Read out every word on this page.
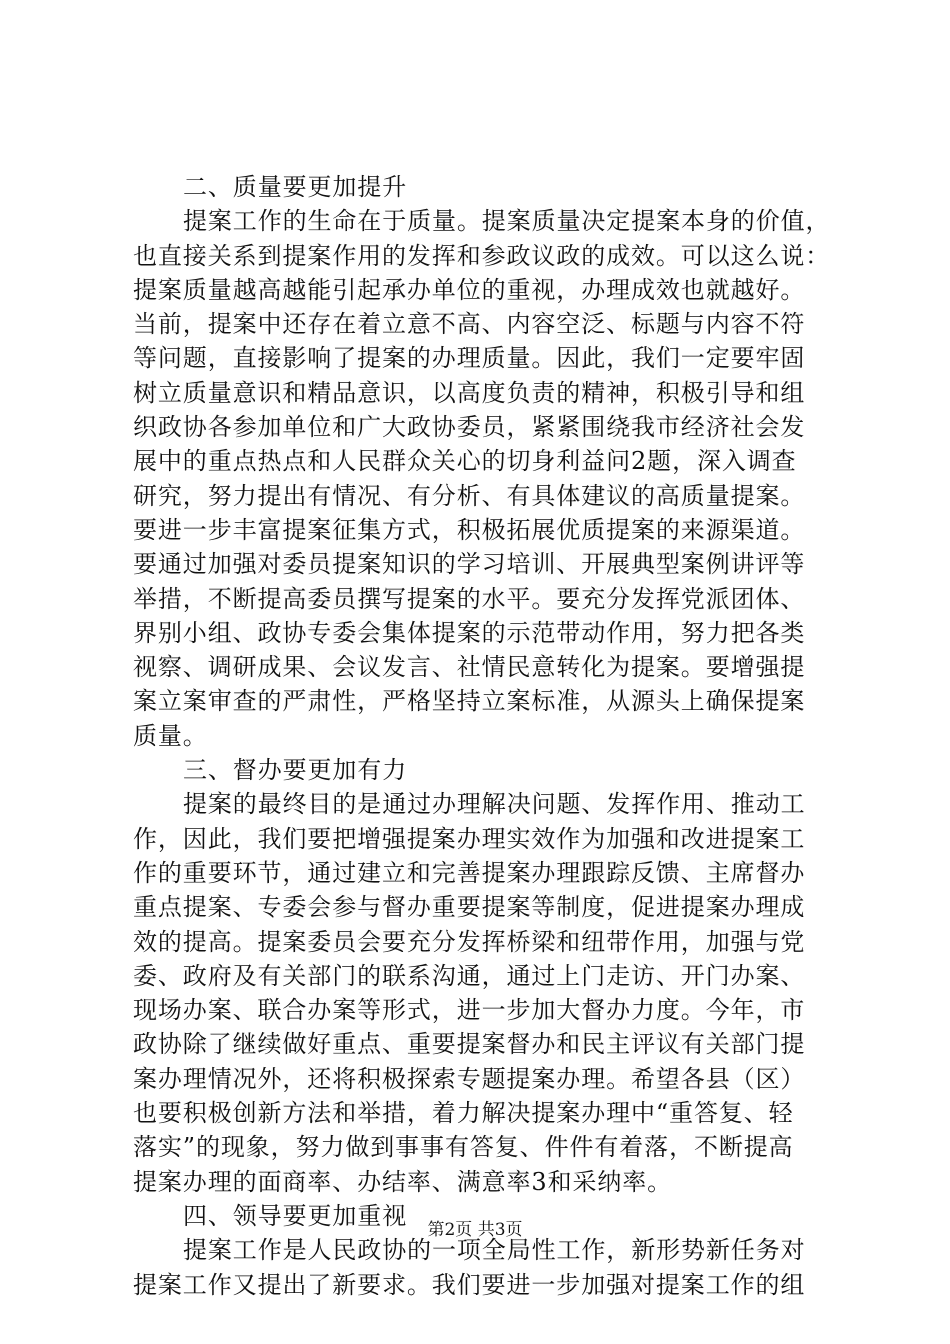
二、质量要更加提升
提案工作的生命在于质量。提案质量决定提案本身的价值，
也直接关系到提案作用的发挥和参政议政的成效。可以这么说：
提案质量越高越能引起承办单位的重视，办理成效也就越好。
当前，提案中还存在着立意不高、内容空泛、标题与内容不符
等问题，直接影响了提案的办理质量。因此，我们一定要牢固
树立质量意识和精品意识，以高度负责的精神，积极引导和组
织政协各参加单位和广大政协委员，紧紧围绕我市经济社会发
展中的重点热点和人民群众关心的切身利益问2题，深入调查
研究，努力提出有情况、有分析、有具体建议的高质量提案。
要进一步丰富提案征集方式，积极拓展优质提案的来源渠道。
要通过加强对委员提案知识的学习培训、开展典型案例讲评等
举措，不断提高委员撰写提案的水平。要充分发挥党派团体、
界别小组、政协专委会集体提案的示范带动作用，努力把各类
视察、调研成果、会议发言、社情民意转化为提案。要增强提
案立案审查的严肃性，严格坚持立案标准，从源头上确保提案
质量。
三、督办要更加有力
提案的最终目的是通过办理解决问题、发挥作用、推动工
作，因此，我们要把增强提案办理实效作为加强和改进提案工
作的重要环节，通过建立和完善提案办理跟踪反馈、主席督办
重点提案、专委会参与督办重要提案等制度，促进提案办理成
效的提高。提案委员会要充分发挥桥梁和纽带作用，加强与党
委、政府及有关部门的联系沟通，通过上门走访、开门办案、
现场办案、联合办案等形式，进一步加大督办力度。今年，市
政协除了继续做好重点、重要提案督办和民主评议有关部门提
案办理情况外，还将积极探索专题提案办理。希望各县（区）
也要积极创新方法和举措，着力解决提案办理中“重答复、轻
落实”的现象，努力做到事事有答复、件件有着落，不断提高
提案办理的面商率、办结率、满意率3和采纳率。
四、领导要更加重视
提案工作是人民政协的一项全局性工作，新形势新任务对
提案工作又提出了新要求。我们要进一步加强对提案工作的组
第2页 共3页
